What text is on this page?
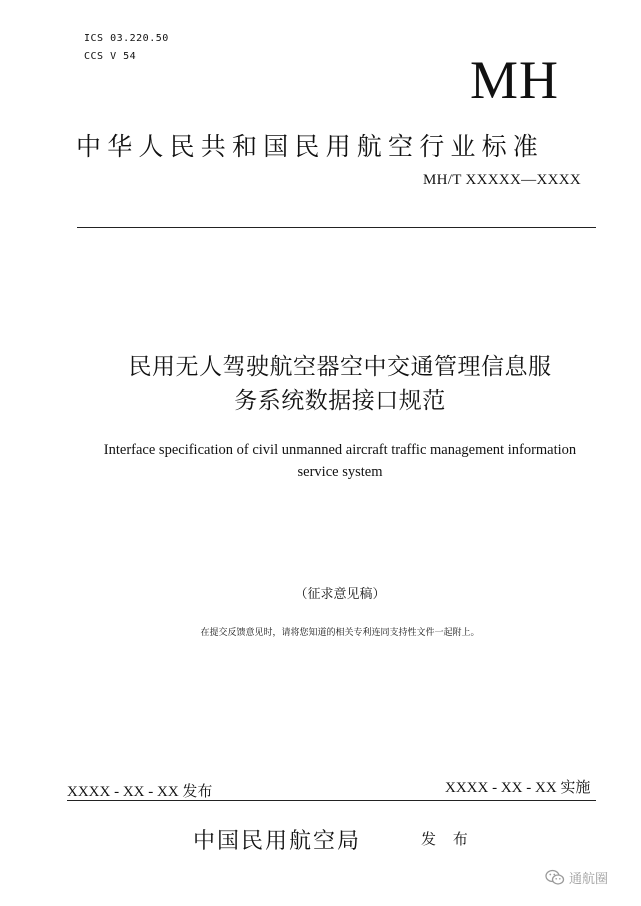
ICS 03.220.50
CCS V 54	MH
中华人民共和国民用航空行业标准
MH/T XXXXX—XXXX
民用无人驾驶航空器空中交通管理信息服
务系统数据接口规范
Interface specification of civil unmanned aircraft traffic management information
service system
（征求意见稿）
在提交反馈意见时，请将您知道的相关专利连同支持性文件一起附上。
XXXX - XX - XX 发布	XXXX - XX - XX 实施
中国民用航空局	发 布
通航圈
